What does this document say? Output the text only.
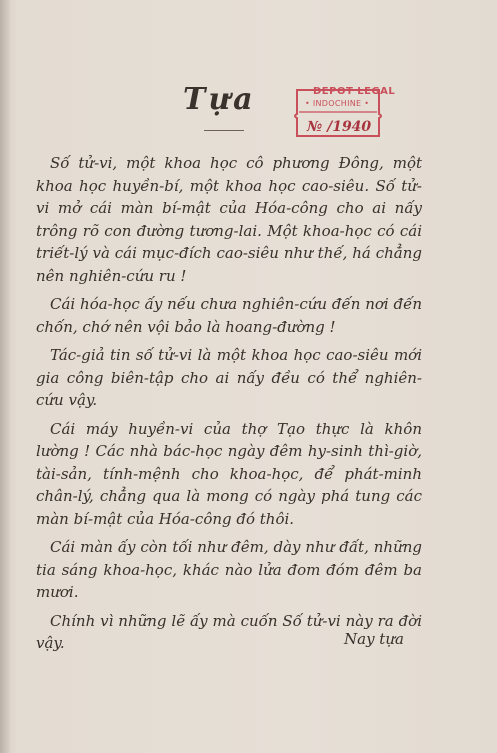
Tựa	DEPOT LEGAL
• INDOCHINE •
№ /1940

Số tử-vi, một khoa học cô phương Đông, một khoa học huyền-bí, một khoa học cao-siêu. Số tử-vi mở cái màn bí-mật của Hóa-công cho ai nấy trông rõ con đường tương-lai. Một khoa-học có cái triết-lý và cái mục-đích cao-siêu như thế, há chẳng nên nghiên-cứu ru !

Cái hóa-học ấy nếu chưa nghiên-cứu đến nơi đến chốn, chớ nên vội bảo là hoang-đường !

Tác-giả tin số tử-vi là một khoa học cao-siêu mới gia công biên-tập cho ai nấy đều có thể nghiên-cứu vậy.

Cái máy huyền-vi của thợ Tạo thực là khôn lường ! Các nhà bác-học ngày đêm hy-sinh thì-giờ, tài-sản, tính-mệnh cho khoa-học, để phát-minh chân-lý, chẳng qua là mong có ngày phá tung các màn bí-mật của Hóa-công đó thôi.

Cái màn ấy còn tối như đêm, dày như đất, những tia sáng khoa-học, khác nào lửa đom đóm đêm ba mươi.

Chính vì những lẽ ấy mà cuốn Số tử-vi này ra đời vậy.	Nay tựa
